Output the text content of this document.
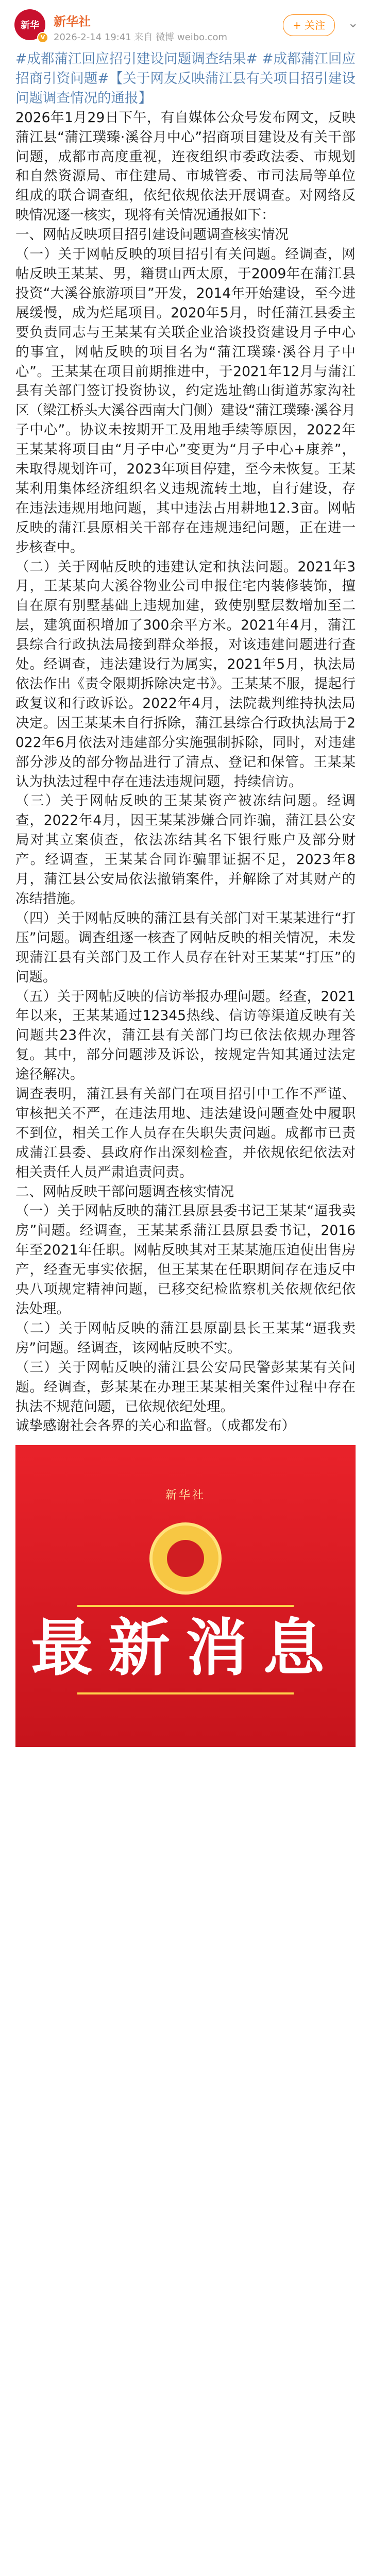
新华
V
新华社
2026-2-14 19:41 来自 微博 weibo.com
+ 关注	⌄

#成都蒲江回应招引建设问题调查结果# #成都蒲江回应招商引资问题#【关于网友反映蒲江县有关项目招引建设问题调查情况的通报】

2026年1月29日下午，有自媒体公众号发布网文，反映蒲江县“蒲江璞臻·溪谷月中心”招商项目建设及有关干部问题，成都市高度重视，连夜组织市委政法委、市规划和自然资源局、市住建局、市城管委、市司法局等单位组成的联合调查组，依纪依规依法开展调查。对网络反映情况逐一核实，现将有关情况通报如下：

一、网帖反映项目招引建设问题调查核实情况

（一）关于网帖反映的项目招引有关问题。经调查，网帖反映王某某、男，籍贯山西太原，于2009年在蒲江县投资“大溪谷旅游项目”开发，2014年开始建设，至今进展缓慢，成为烂尾项目。2020年5月，时任蒲江县委主要负责同志与王某某有关联企业洽谈投资建设月子中心的事宜，网帖反映的项目名为“蒲江璞臻·溪谷月子中心”。王某某在项目前期推进中，于2021年12月与蒲江县有关部门签订投资协议，约定选址鹤山街道苏家沟社区（梁江桥头大溪谷西南大门侧）建设“蒲江璞臻·溪谷月子中心”。协议未按期开工及用地手续等原因，2022年王某某将项目由“月子中心”变更为“月子中心+康养”，未取得规划许可，2023年项目停建，至今未恢复。王某某利用集体经济组织名义违规流转土地，自行建设，存在违法违规用地问题，其中违法占用耕地12.3亩。网帖反映的蒲江县原相关干部存在违规违纪问题，正在进一步核查中。

（二）关于网帖反映的违建认定和执法问题。2021年3月，王某某向大溪谷物业公司申报住宅内装修装饰，擅自在原有别墅基础上违规加建，致使别墅层数增加至二层，建筑面积增加了300余平方米。2021年4月，蒲江县综合行政执法局接到群众举报，对该违建问题进行查处。经调查，违法建设行为属实，2021年5月，执法局依法作出《责令限期拆除决定书》。王某某不服，提起行政复议和行政诉讼。2022年4月，法院裁判维持执法局决定。因王某某未自行拆除，蒲江县综合行政执法局于2022年6月依法对违建部分实施强制拆除，同时，对违建部分涉及的部分物品进行了清点、登记和保管。王某某认为执法过程中存在违法违规问题，持续信访。

（三）关于网帖反映的王某某资产被冻结问题。经调查，2022年4月，因王某某涉嫌合同诈骗，蒲江县公安局对其立案侦查，依法冻结其名下银行账户及部分财产。经调查，王某某合同诈骗罪证据不足，2023年8月，蒲江县公安局依法撤销案件，并解除了对其财产的冻结措施。

（四）关于网帖反映的蒲江县有关部门对王某某进行“打压”问题。调查组逐一核查了网帖反映的相关情况，未发现蒲江县有关部门及工作人员存在针对王某某“打压”的问题。

（五）关于网帖反映的信访举报办理问题。经查，2021年以来，王某某通过12345热线、信访等渠道反映有关问题共23件次，蒲江县有关部门均已依法依规办理答复。其中，部分问题涉及诉讼，按规定告知其通过法定途径解决。

调查表明，蒲江县有关部门在项目招引中工作不严谨、审核把关不严，在违法用地、违法建设问题查处中履职不到位，相关工作人员存在失职失责问题。成都市已责成蒲江县委、县政府作出深刻检查，并依规依纪依法对相关责任人员严肃追责问责。

二、网帖反映干部问题调查核实情况

（一）关于网帖反映的蒲江县原县委书记王某某“逼我卖房”问题。经调查，王某某系蒲江县原县委书记，2016年至2021年任职。网帖反映其对王某某施压迫使出售房产，经查无事实依据，但王某某在任职期间存在违反中央八项规定精神问题，已移交纪检监察机关依规依纪依法处理。

（二）关于网帖反映的蒲江县原副县长王某某“逼我卖房”问题。经调查，该网帖反映不实。

（三）关于网帖反映的蒲江县公安局民警彭某某有关问题。经调查，彭某某在办理王某某相关案件过程中存在执法不规范问题，已依规依纪处理。

诚挚感谢社会各界的关心和监督。（成都发布）

新华社
最新消息
